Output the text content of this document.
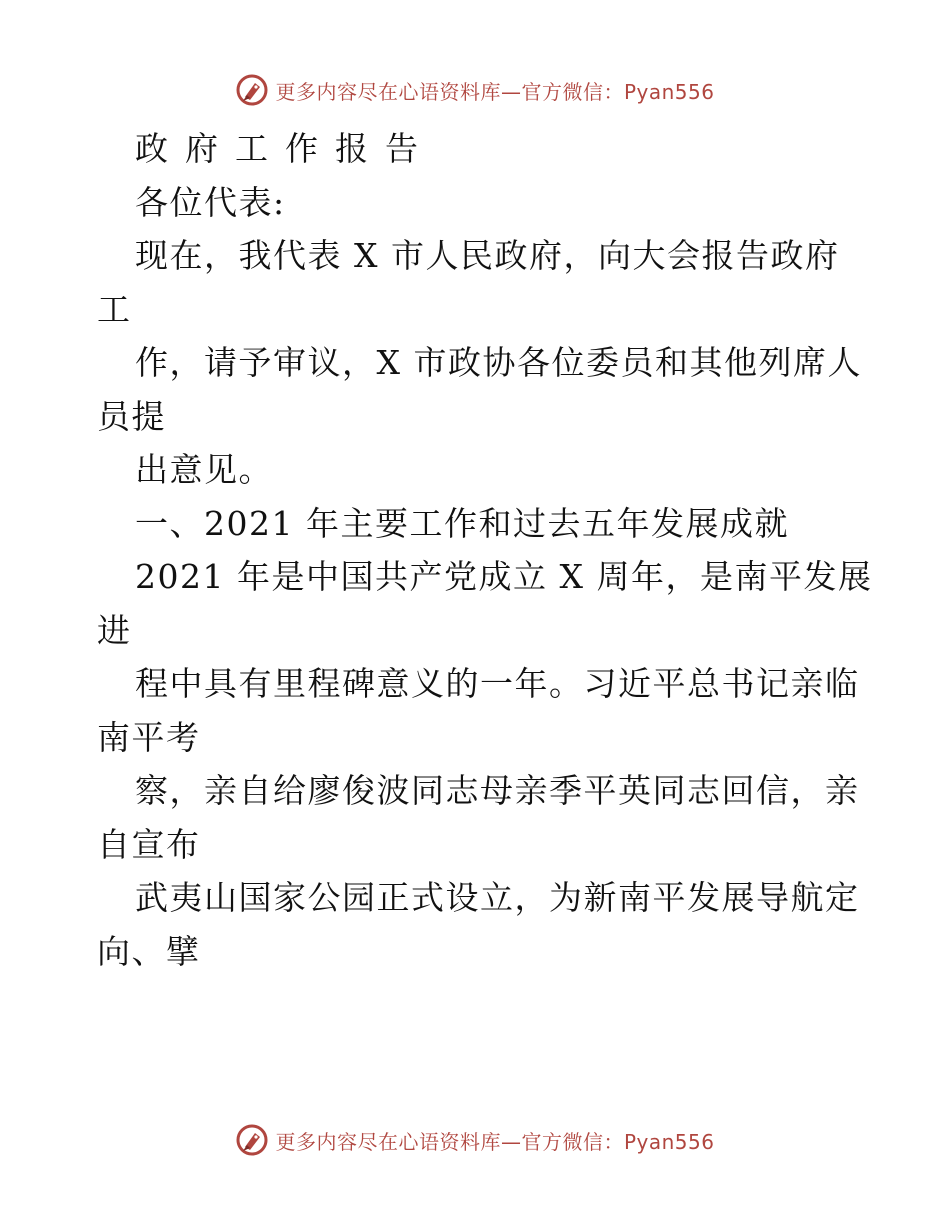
更多内容尽在心语资料库—官方微信：Pyan556
政府工作报告
各位代表:
现在，我代表 X 市人民政府，向大会报告政府
工
作，请予审议，X 市政协各位委员和其他列席人
员提
出意见。
一、2021 年主要工作和过去五年发展成就
2021 年是中国共产党成立 X 周年，是南平发展
进
程中具有里程碑意义的一年。习近平总书记亲临
南平考
察，亲自给廖俊波同志母亲季平英同志回信，亲
自宣布
武夷山国家公园正式设立，为新南平发展导航定
向、擘
更多内容尽在心语资料库—官方微信：Pyan556
